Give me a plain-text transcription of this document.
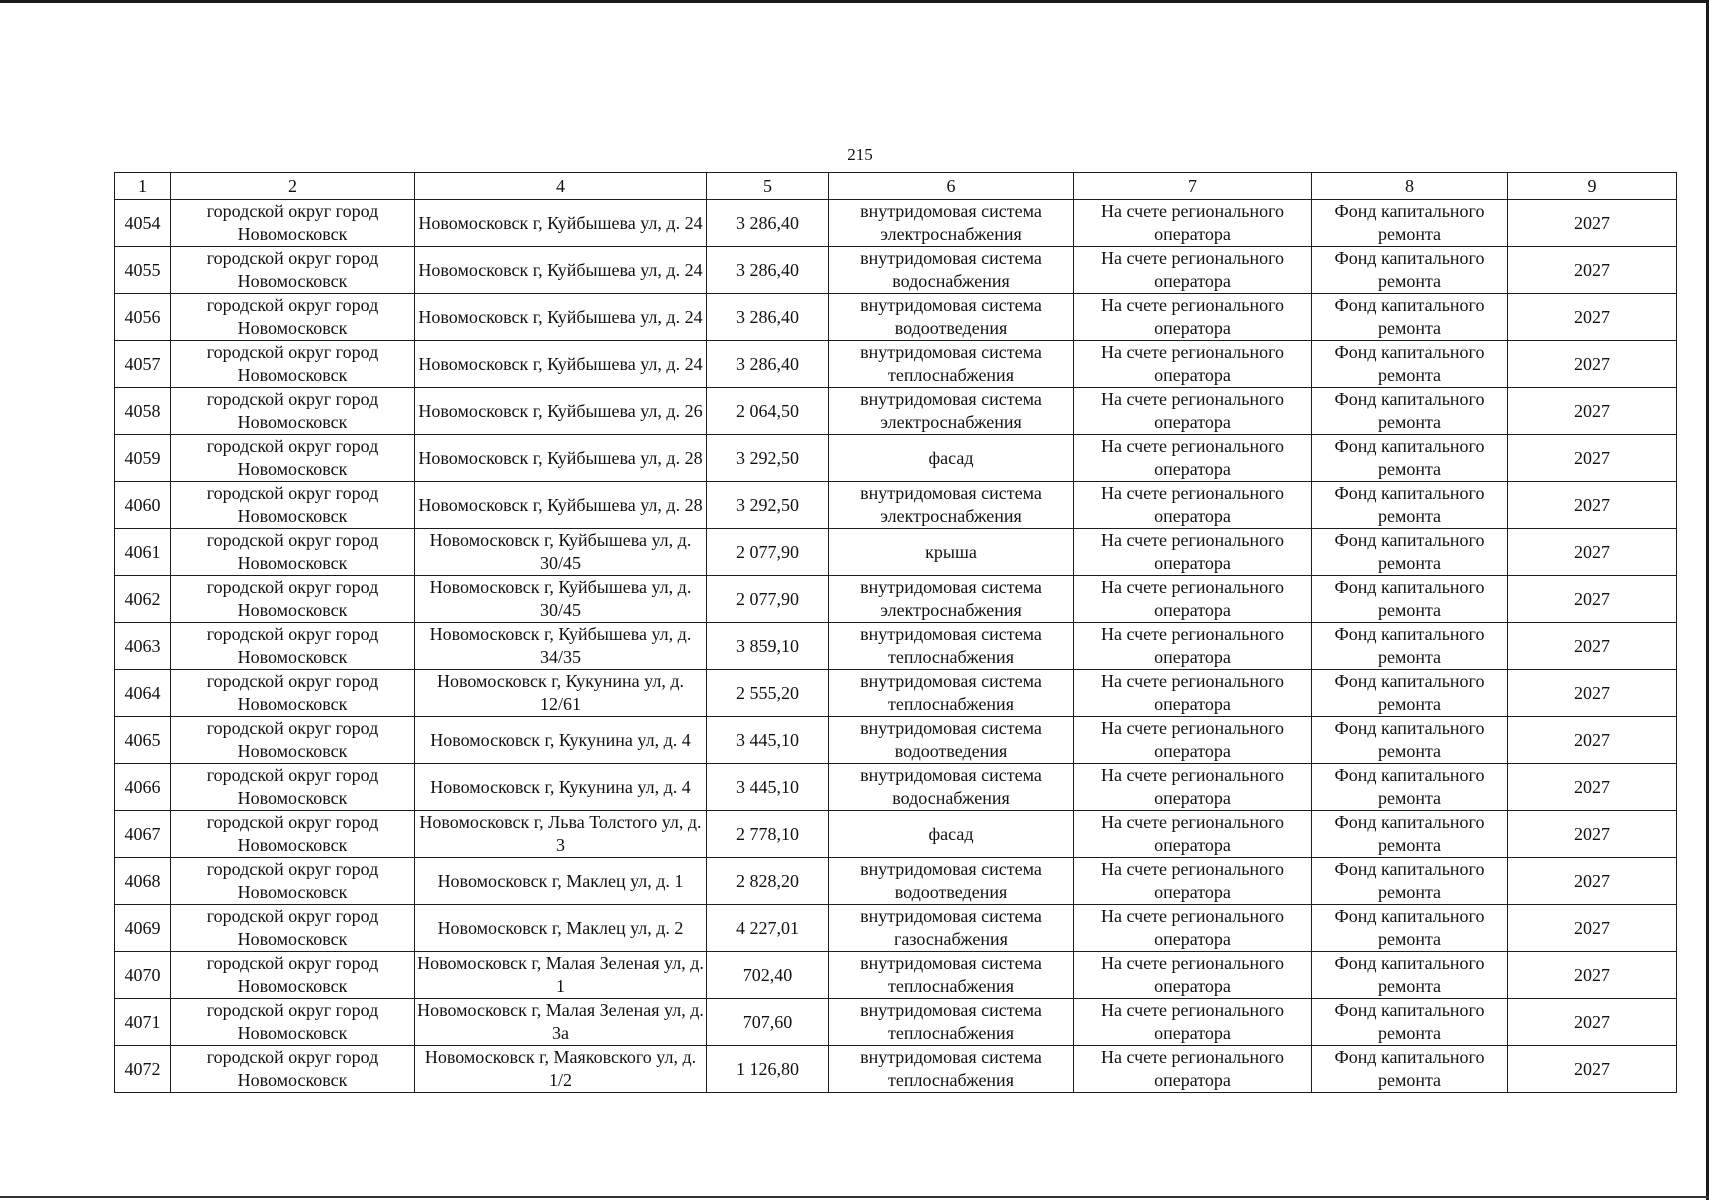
215
1	2	4	5	6	7	8	9
4054	городской округ город Новомосковск	Новомосковск г, Куйбышева ул, д. 24	3 286,40	внутридомовая система электроснабжения	На счете регионального оператора	Фонд капитального ремонта	2027
4055	городской округ город Новомосковск	Новомосковск г, Куйбышева ул, д. 24	3 286,40	внутридомовая система водоснабжения	На счете регионального оператора	Фонд капитального ремонта	2027
4056	городской округ город Новомосковск	Новомосковск г, Куйбышева ул, д. 24	3 286,40	внутридомовая система водоотведения	На счете регионального оператора	Фонд капитального ремонта	2027
4057	городской округ город Новомосковск	Новомосковск г, Куйбышева ул, д. 24	3 286,40	внутридомовая система теплоснабжения	На счете регионального оператора	Фонд капитального ремонта	2027
4058	городской округ город Новомосковск	Новомосковск г, Куйбышева ул, д. 26	2 064,50	внутридомовая система электроснабжения	На счете регионального оператора	Фонд капитального ремонта	2027
4059	городской округ город Новомосковск	Новомосковск г, Куйбышева ул, д. 28	3 292,50	фасад	На счете регионального оператора	Фонд капитального ремонта	2027
4060	городской округ город Новомосковск	Новомосковск г, Куйбышева ул, д. 28	3 292,50	внутридомовая система электроснабжения	На счете регионального оператора	Фонд капитального ремонта	2027
4061	городской округ город Новомосковск	Новомосковск г, Куйбышева ул, д. 30/45	2 077,90	крыша	На счете регионального оператора	Фонд капитального ремонта	2027
4062	городской округ город Новомосковск	Новомосковск г, Куйбышева ул, д. 30/45	2 077,90	внутридомовая система электроснабжения	На счете регионального оператора	Фонд капитального ремонта	2027
4063	городской округ город Новомосковск	Новомосковск г, Куйбышева ул, д. 34/35	3 859,10	внутридомовая система теплоснабжения	На счете регионального оператора	Фонд капитального ремонта	2027
4064	городской округ город Новомосковск	Новомосковск г, Кукунина ул, д. 12/61	2 555,20	внутридомовая система теплоснабжения	На счете регионального оператора	Фонд капитального ремонта	2027
4065	городской округ город Новомосковск	Новомосковск г, Кукунина ул, д. 4	3 445,10	внутридомовая система водоотведения	На счете регионального оператора	Фонд капитального ремонта	2027
4066	городской округ город Новомосковск	Новомосковск г, Кукунина ул, д. 4	3 445,10	внутридомовая система водоснабжения	На счете регионального оператора	Фонд капитального ремонта	2027
4067	городской округ город Новомосковск	Новомосковск г, Льва Толстого ул, д. 3	2 778,10	фасад	На счете регионального оператора	Фонд капитального ремонта	2027
4068	городской округ город Новомосковск	Новомосковск г, Маклец ул, д. 1	2 828,20	внутридомовая система водоотведения	На счете регионального оператора	Фонд капитального ремонта	2027
4069	городской округ город Новомосковск	Новомосковск г, Маклец ул, д. 2	4 227,01	внутридомовая система газоснабжения	На счете регионального оператора	Фонд капитального ремонта	2027
4070	городской округ город Новомосковск	Новомосковск г, Малая Зеленая ул, д. 1	702,40	внутридомовая система теплоснабжения	На счете регионального оператора	Фонд капитального ремонта	2027
4071	городской округ город Новомосковск	Новомосковск г, Малая Зеленая ул, д. 3а	707,60	внутридомовая система теплоснабжения	На счете регионального оператора	Фонд капитального ремонта	2027
4072	городской округ город Новомосковск	Новомосковск г, Маяковского ул, д. 1/2	1 126,80	внутридомовая система теплоснабжения	На счете регионального оператора	Фонд капитального ремонта	2027
